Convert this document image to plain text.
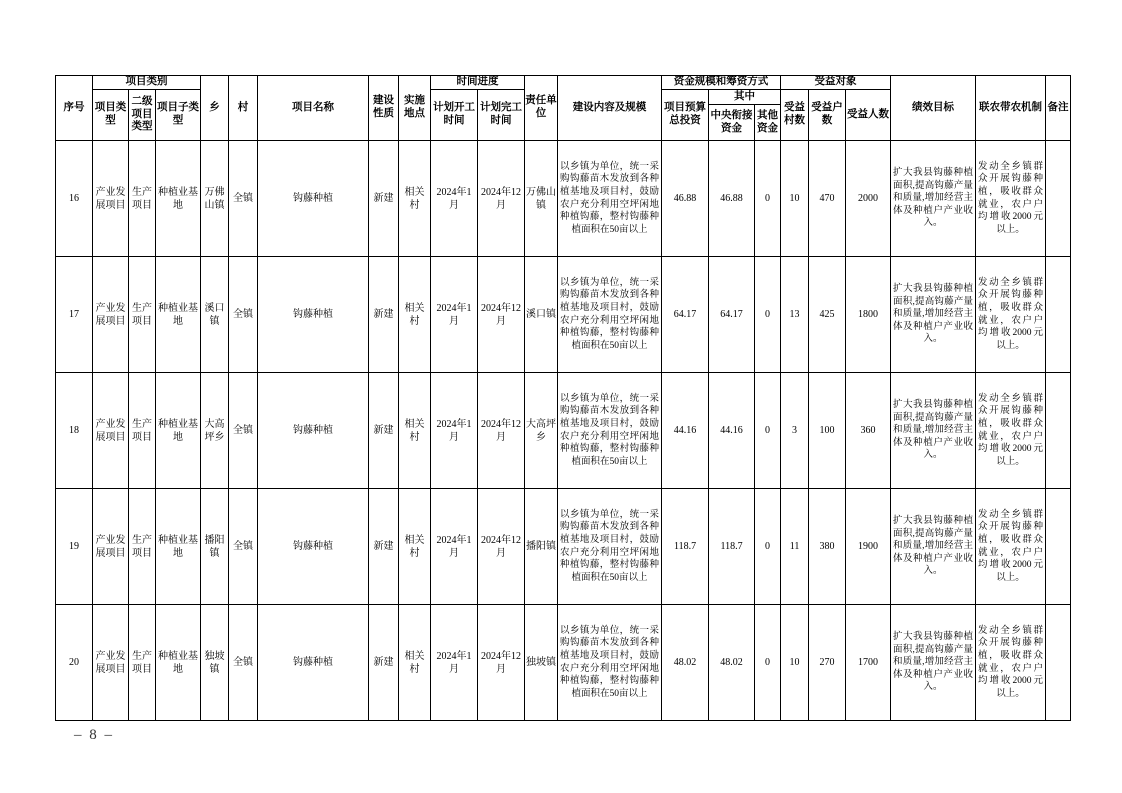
序号	项目类别			乡	村	项目名称	建设性质	实施地点	时间进度		责任单位	建设内容及规模	资金规模和筹资方式			受益对象			绩效目标	联农带农机制	备注
	项目类型	二级项目类型	项目子类型						计划开工时间	计划完工时间			项目预算总投资	其中		受益村数	受益户数	受益人数			
														中央衔接资金	其他资金						
16	产业发展项目	生产项目	种植业基地	万佛山镇	全镇	钩藤种植	新建	相关村	2024年1月	2024年12月	万佛山镇	以乡镇为单位，统一采购钩藤苗木发放到各种植基地及项目村，鼓励农户充分利用空坪闲地种植钩藤，整村钩藤种植面积在50亩以上	46.88	46.88	0	10	470	2000	扩大我县钩藤种植面积,提高钩藤产量和质量,增加经营主体及种植户产业收入。	发动全乡镇群众开展钩藤种植，吸收群众就业，农户户均增收2000元以上。	
17	产业发展项目	生产项目	种植业基地	溪口镇	全镇	钩藤种植	新建	相关村	2024年1月	2024年12月	溪口镇	以乡镇为单位，统一采购钩藤苗木发放到各种植基地及项目村，鼓励农户充分利用空坪闲地种植钩藤，整村钩藤种植面积在50亩以上	64.17	64.17	0	13	425	1800	扩大我县钩藤种植面积,提高钩藤产量和质量,增加经营主体及种植户产业收入。	发动全乡镇群众开展钩藤种植，吸收群众就业，农户户均增收2000元以上。	
18	产业发展项目	生产项目	种植业基地	大高坪乡	全镇	钩藤种植	新建	相关村	2024年1月	2024年12月	大高坪乡	以乡镇为单位，统一采购钩藤苗木发放到各种植基地及项目村，鼓励农户充分利用空坪闲地种植钩藤，整村钩藤种植面积在50亩以上	44.16	44.16	0	3	100	360	扩大我县钩藤种植面积,提高钩藤产量和质量,增加经营主体及种植户产业收入。	发动全乡镇群众开展钩藤种植，吸收群众就业，农户户均增收2000元以上。	
19	产业发展项目	生产项目	种植业基地	播阳镇	全镇	钩藤种植	新建	相关村	2024年1月	2024年12月	播阳镇	以乡镇为单位，统一采购钩藤苗木发放到各种植基地及项目村，鼓励农户充分利用空坪闲地种植钩藤，整村钩藤种植面积在50亩以上	118.7	118.7	0	11	380	1900	扩大我县钩藤种植面积,提高钩藤产量和质量,增加经营主体及种植户产业收入。	发动全乡镇群众开展钩藤种植，吸收群众就业，农户户均增收2000元以上。	
20	产业发展项目	生产项目	种植业基地	独坡镇	全镇	钩藤种植	新建	相关村	2024年1月	2024年12月	独坡镇	以乡镇为单位，统一采购钩藤苗木发放到各种植基地及项目村，鼓励农户充分利用空坪闲地种植钩藤，整村钩藤种植面积在50亩以上	48.02	48.02	0	10	270	1700	扩大我县钩藤种植面积,提高钩藤产量和质量,增加经营主体及种植户产业收入。	发动全乡镇群众开展钩藤种植，吸收群众就业，农户户均增收2000元以上。	
– 8 –
